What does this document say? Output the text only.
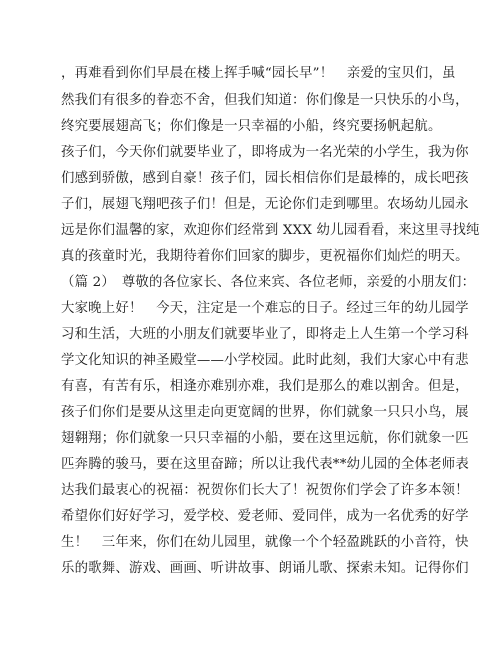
，再难看到你们早晨在楼上挥手喊“园长早”！　亲爱的宝贝们，虽
然我们有很多的眷恋不舍，但我们知道：你们像是一只快乐的小鸟，
终究要展翅高飞；你们像是一只幸福的小船，终究要扬帆起航。
孩子们，今天你们就要毕业了，即将成为一名光荣的小学生，我为你
们感到骄傲，感到自豪！孩子们，园长相信你们是最棒的，成长吧孩
子们，展翅飞翔吧孩子们！但是，无论你们走到哪里。农场幼儿园永
远是你们温馨的家，欢迎你们经常到 XXX 幼儿园看看，来这里寻找纯
真的孩童时光，我期待着你们回家的脚步，更祝福你们灿烂的明天。
（篇 2）　尊敬的各位家长、各位来宾、各位老师，亲爱的小朋友们：
大家晚上好！　今天，注定是一个难忘的日子。经过三年的幼儿园学
习和生活，大班的小朋友们就要毕业了，即将走上人生第一个学习科
学文化知识的神圣殿堂——小学校园。此时此刻，我们大家心中有悲
有喜，有苦有乐，相逢亦难别亦难，我们是那么的难以割舍。但是，
孩子们你们是要从这里走向更宽阔的世界，你们就象一只只小鸟，展
翅翱翔；你们就象一只只幸福的小船，要在这里远航，你们就象一匹
匹奔腾的骏马，要在这里奋蹄；所以让我代表**幼儿园的全体老师表
达我们最衷心的祝福：祝贺你们长大了！祝贺你们学会了许多本领！
希望你们好好学习，爱学校、爱老师、爱同伴，成为一名优秀的好学
生！　三年来，你们在幼儿园里，就像一个个轻盈跳跃的小音符，快
乐的歌舞、游戏、画画、听讲故事、朗诵儿歌、探索未知。记得你们
